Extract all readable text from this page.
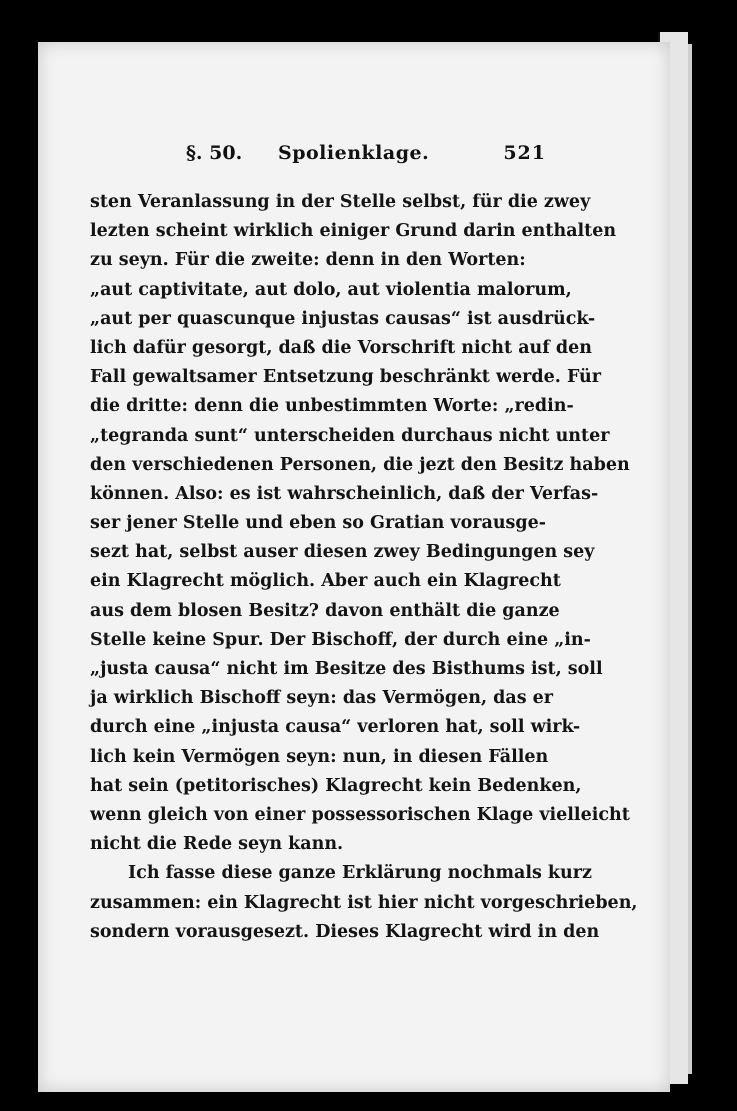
§. 50. Spolienklage.	521
sten Veranlassung in der Stelle selbst, für die zwey
lezten scheint wirklich einiger Grund darin enthalten
zu seyn. Für die zweite: denn in den Worten:
„aut captivitate, aut dolo, aut violentia malorum,
„aut per quascunque injustas causas“ ist ausdrück-
lich dafür gesorgt, daß die Vorschrift nicht auf den
Fall gewaltsamer Entsetzung beschränkt werde. Für
die dritte: denn die unbestimmten Worte: „redin-
„tegranda sunt“ unterscheiden durchaus nicht unter
den verschiedenen Personen, die jezt den Besitz haben
können. Also: es ist wahrscheinlich, daß der Verfas-
ser jener Stelle und eben so Gratian vorausge-
sezt hat, selbst auser diesen zwey Bedingungen sey
ein Klagrecht möglich. Aber auch ein Klagrecht
aus dem blosen Besitz? davon enthält die ganze
Stelle keine Spur. Der Bischoff, der durch eine „in-
„justa causa“ nicht im Besitze des Bisthums ist, soll
ja wirklich Bischoff seyn: das Vermögen, das er
durch eine „injusta causa“ verloren hat, soll wirk-
lich kein Vermögen seyn: nun, in diesen Fällen
hat sein (petitorisches) Klagrecht kein Bedenken,
wenn gleich von einer possessorischen Klage vielleicht
nicht die Rede seyn kann.
Ich fasse diese ganze Erklärung nochmals kurz
zusammen: ein Klagrecht ist hier nicht vorgeschrieben,
sondern vorausgesezt. Dieses Klagrecht wird in den
